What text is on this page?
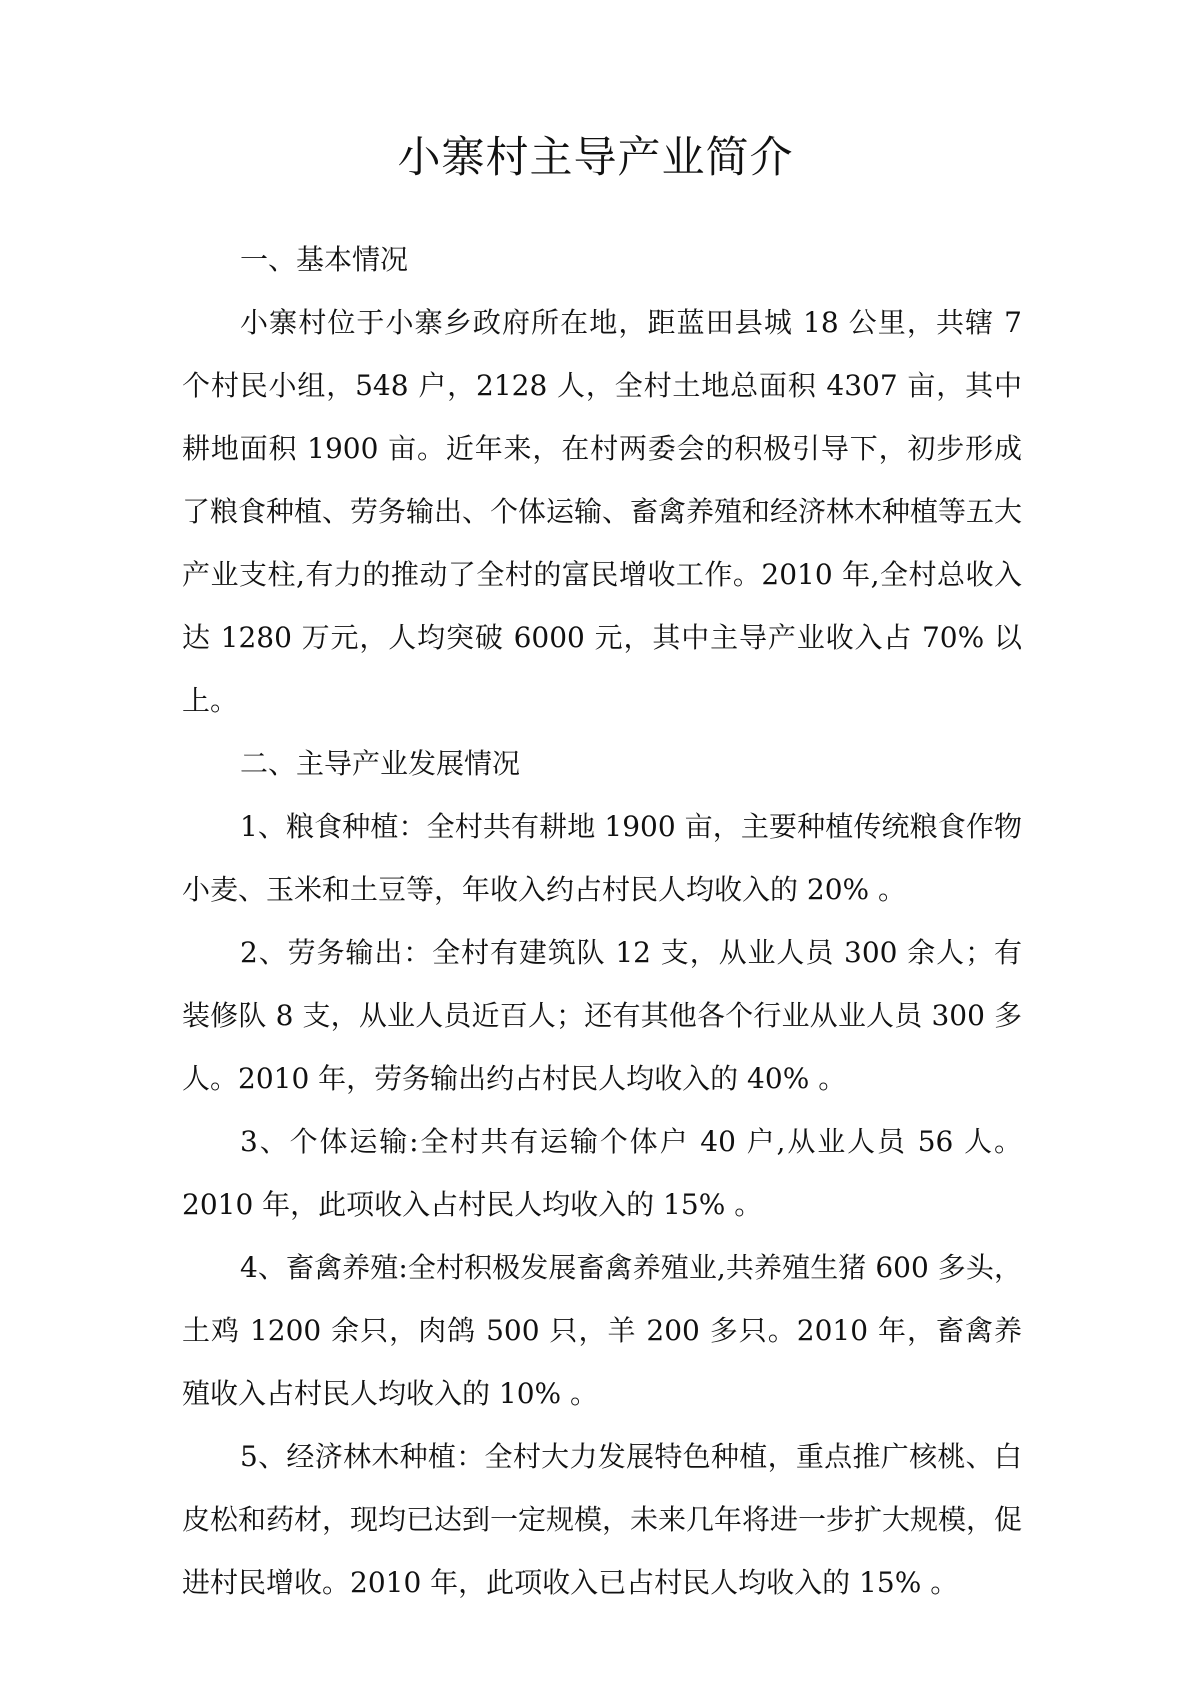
小寨村主导产业简介

一、基本情况

小寨村位于小寨乡政府所在地，距蓝田县城 18 公里，共辖 7 个村民小组，548 户，2128 人，全村土地总面积 4307 亩，其中耕地面积 1900 亩。近年来，在村两委会的积极引导下，初步形成了粮食种植、劳务输出、个体运输、畜禽养殖和经济林木种植等五大产业支柱,有力的推动了全村的富民增收工作。2010 年,全村总收入达 1280 万元，人均突破 6000 元，其中主导产业收入占 70% 以上。

二、主导产业发展情况

1、粮食种植：全村共有耕地 1900 亩，主要种植传统粮食作物小麦、玉米和土豆等，年收入约占村民人均收入的 20% 。

2、劳务输出：全村有建筑队 12 支，从业人员 300 余人；有装修队 8 支，从业人员近百人；还有其他各个行业从业人员 300 多人。2010 年，劳务输出约占村民人均收入的 40% 。

3、个体运输:全村共有运输个体户 40 户,从业人员 56 人。2010 年，此项收入占村民人均收入的 15% 。

4、畜禽养殖:全村积极发展畜禽养殖业,共养殖生猪 600 多头，土鸡 1200 余只，肉鸽 500 只，羊 200 多只。2010 年，畜禽养殖收入占村民人均收入的 10% 。

5、经济林木种植：全村大力发展特色种植，重点推广核桃、白皮松和药材，现均已达到一定规模，未来几年将进一步扩大规模，促进村民增收。2010 年，此项收入已占村民人均收入的 15% 。
